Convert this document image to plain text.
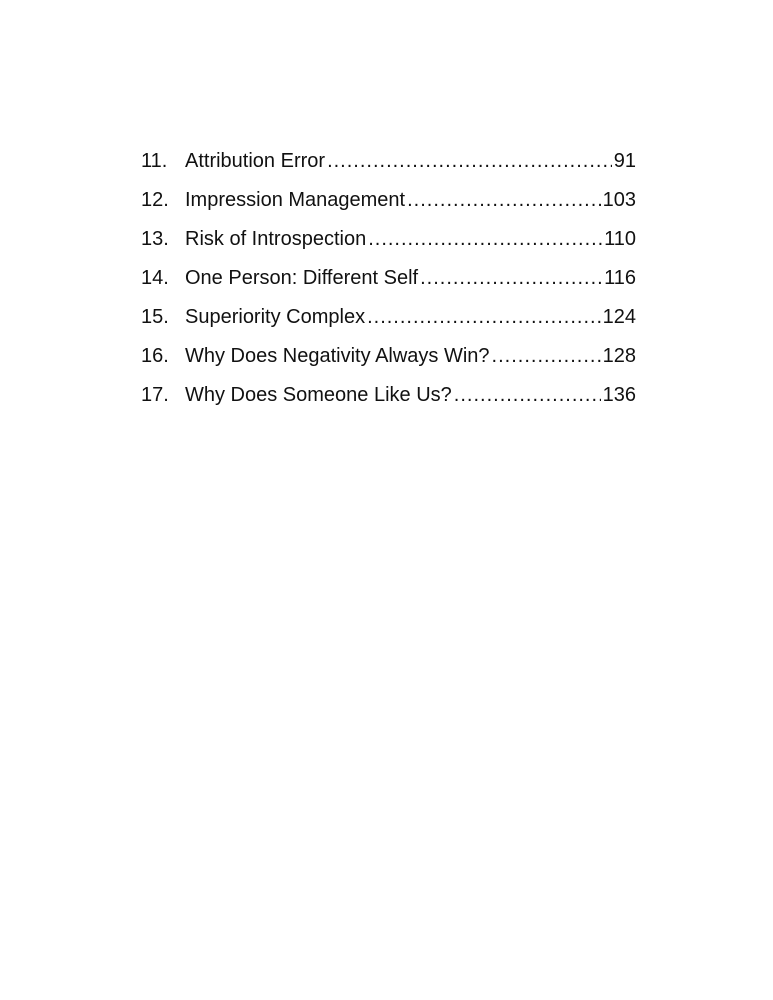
11. Attribution Error .....	91
12. Impression Management .....	103
13. Risk of Introspection .....	110
14. One Person: Different Self .....	116
15. Superiority Complex .....	124
16. Why Does Negativity Always Win? .....	128
17. Why Does Someone Like Us? .....	136
